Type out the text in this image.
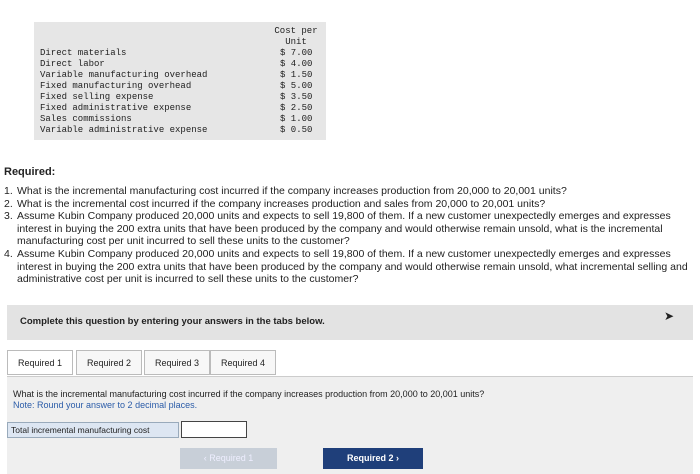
Cost per
Unit
Direct materials	$ 7.00
Direct labor	$ 4.00
Variable manufacturing overhead	$ 1.50
Fixed manufacturing overhead	$ 5.00
Fixed selling expense	$ 3.50
Fixed administrative expense	$ 2.50
Sales commissions	$ 1.00
Variable administrative expense	$ 0.50
Required:
1. What is the incremental manufacturing cost incurred if the company increases production from 20,000 to 20,001 units?
2. What is the incremental cost incurred if the company increases production and sales from 20,000 to 20,001 units?
3. Assume Kubin Company produced 20,000 units and expects to sell 19,800 of them. If a new customer unexpectedly emerges and expresses interest in buying the 200 extra units that have been produced by the company and would otherwise remain unsold, what is the incremental manufacturing cost per unit incurred to sell these units to the customer?
4. Assume Kubin Company produced 20,000 units and expects to sell 19,800 of them. If a new customer unexpectedly emerges and expresses interest in buying the 200 extra units that have been produced by the company and would otherwise remain unsold, what incremental selling and administrative cost per unit is incurred to sell these units to the customer?
Complete this question by entering your answers in the tabs below.	➤
Required 1	Required 2	Required 3	Required 4
What is the incremental manufacturing cost incurred if the company increases production from 20,000 to 20,001 units?
Note: Round your answer to 2 decimal places.
Total incremental manufacturing cost
‹ Required 1	Required 2 ›
